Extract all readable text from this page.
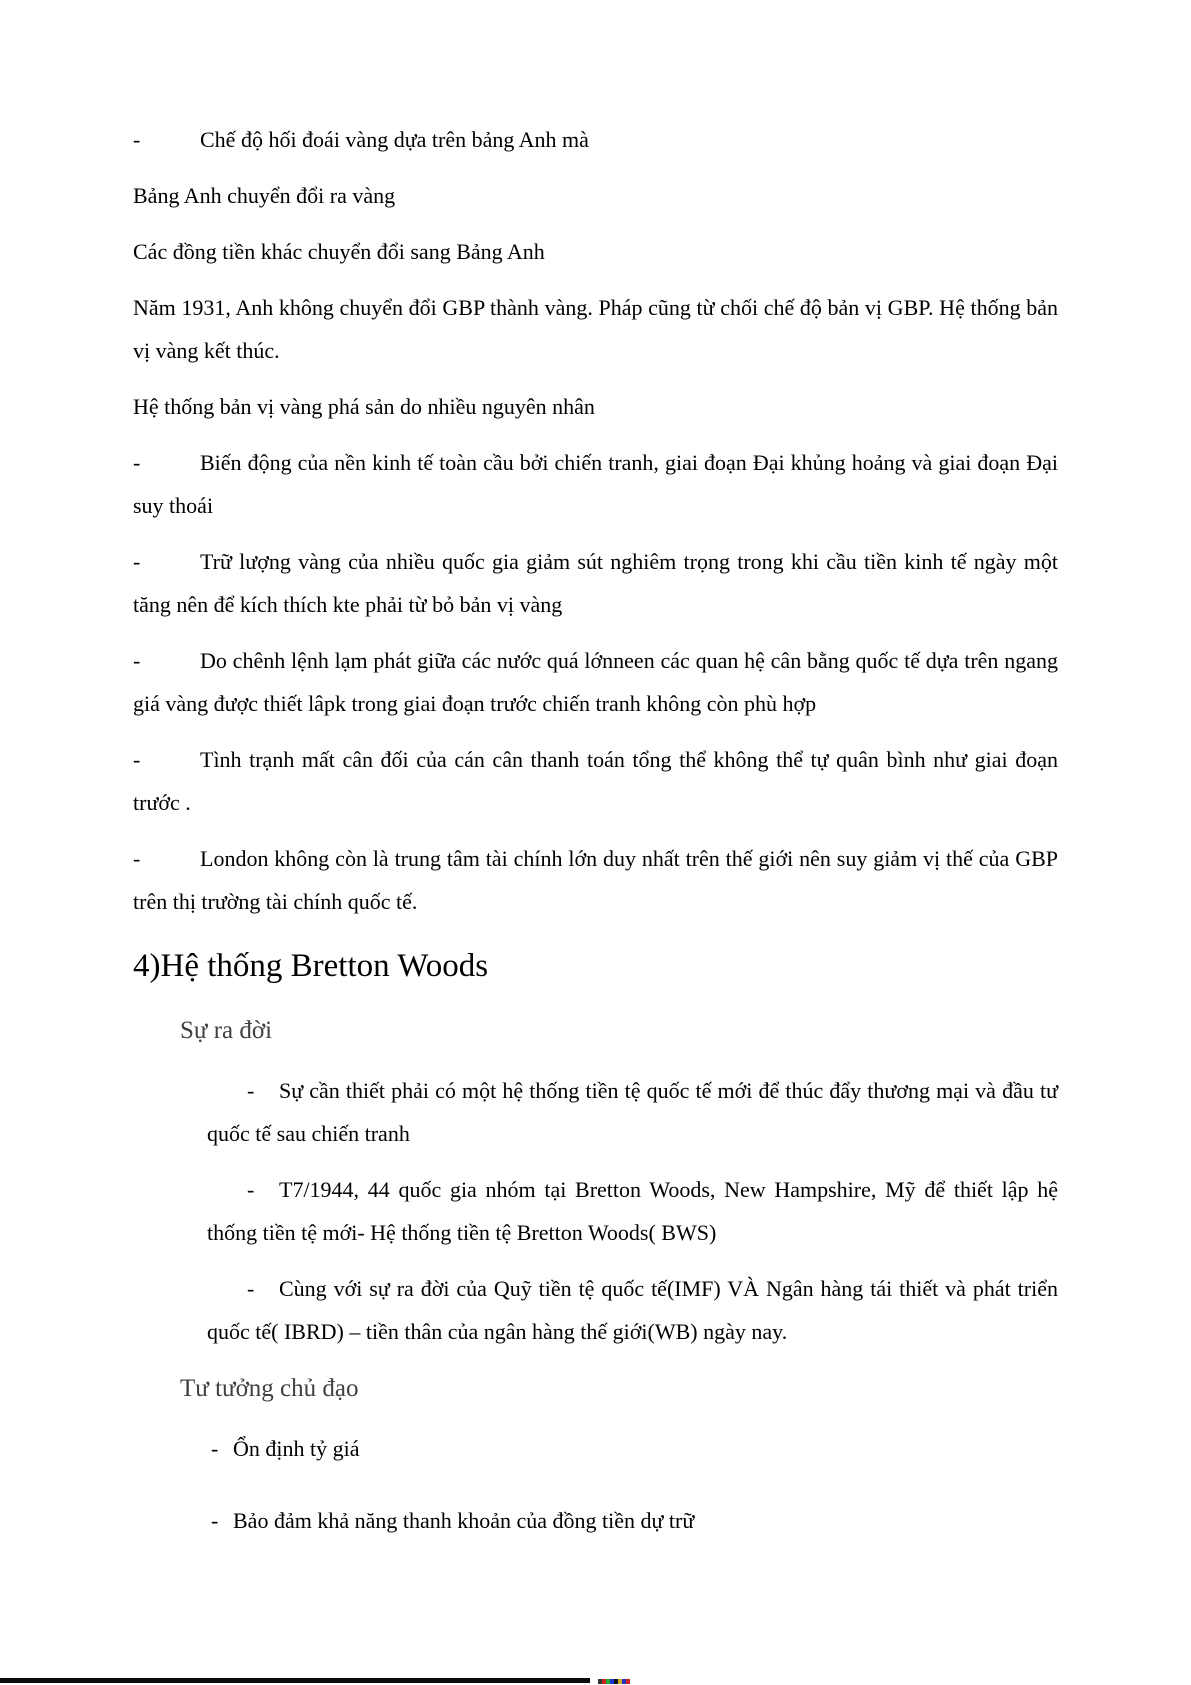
-	Chế độ hối đoái vàng dựa trên bảng Anh mà

Bảng Anh chuyển đổi ra vàng

Các đồng tiền khác chuyển đổi sang Bảng Anh

Năm 1931, Anh không chuyển đổi GBP thành vàng. Pháp cũng từ chối chế độ bản vị GBP. Hệ thống bản vị vàng kết thúc.

Hệ thống bản vị vàng phá sản do nhiều nguyên nhân

-	Biến động của nền kinh tế toàn cầu bởi chiến tranh, giai đoạn Đại khủng hoảng và giai đoạn Đại suy thoái

-	Trữ lượng vàng của nhiều quốc gia giảm sút nghiêm trọng trong khi cầu tiền kinh tế ngày một tăng nên để kích thích kte phải từ bỏ bản vị vàng

-	Do chênh lệnh lạm phát giữa các nước quá lớnneen các quan hệ cân bằng quốc tế dựa trên ngang giá vàng được thiết lâpk trong giai đoạn trước chiến tranh không còn phù hợp

-	Tình trạnh mất cân đối của cán cân thanh toán tổng thể không thể tự quân bình như giai đoạn trước .

-	London không còn là trung tâm tài chính lớn duy nhất trên thế giới nên suy giảm vị thế của GBP trên thị trường tài chính quốc tế.

4)Hệ thống Bretton Woods
Sự ra đời

- Sự cần thiết phải có một hệ thống tiền tệ quốc tế mới để thúc đẩy thương mại và đầu tư quốc tế sau chiến tranh

- T7/1944, 44 quốc gia nhóm tại Bretton Woods, New Hampshire, Mỹ để thiết lập hệ thống tiền tệ mới- Hệ thống tiền tệ Bretton Woods( BWS)

- Cùng với sự ra đời của Quỹ tiền tệ quốc tế(IMF) VÀ Ngân hàng tái thiết và phát triển quốc tế( IBRD) – tiền thân của ngân hàng thế giới(WB) ngày nay.

Tư tưởng chủ đạo

- Ổn định tỷ giá

- Bảo đảm khả năng thanh khoản của đồng tiền dự trữ
